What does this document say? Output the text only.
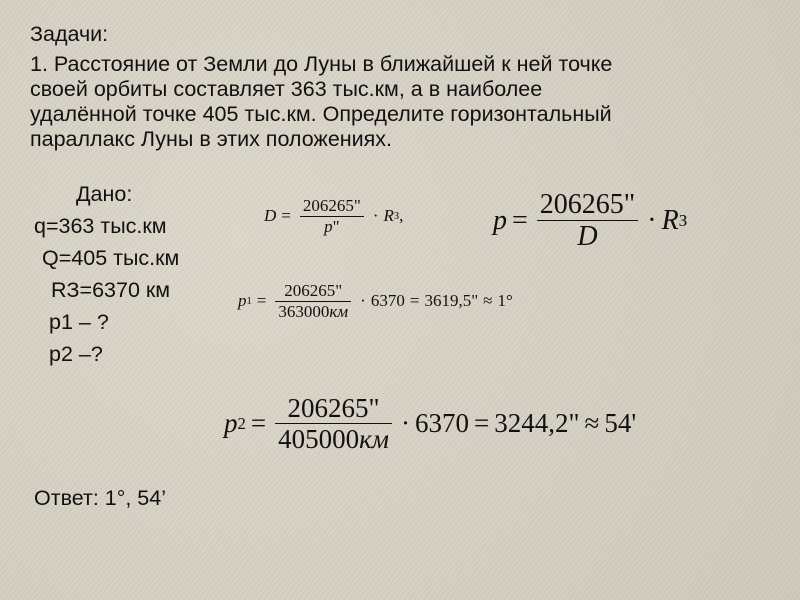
Задачи:

1. Расстояние от Земли до Луны в ближайшей к ней точке
своей орбиты составляет 363 тыс.км, а в наиболее
удалённой точке 405 тыс.км. Определите горизонтальный
параллакс Луны в этих положениях.

Дано:

q=363 тыс.км

Q=405 тыс.км

RЗ=6370 км

p1 – ?

p2 –?

$D = \frac{206265"}{p"} \cdot R$ З ,	$p = \frac{206265"}{D} \cdot R$ З
p $1 = \frac{206265"}{363000км} \cdot 6370 = 3619,5$" ≈ 1°
p $2 = \frac{206265"}{405000км} \cdot 6370 = 3244,2$" ≈ 54'

Ответ: 1°, 54’
